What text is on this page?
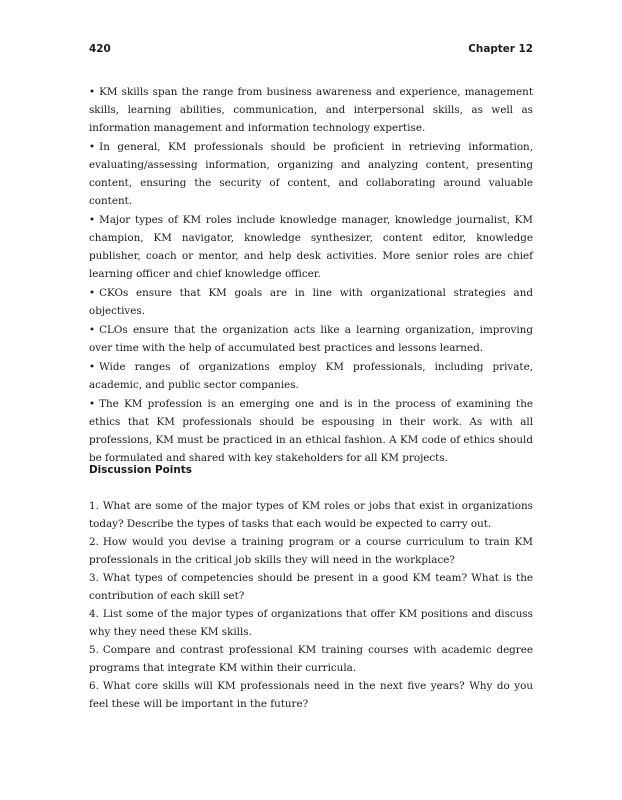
420	Chapter 12
• KM skills span the range from business awareness and experience, management skills, learning abilities, communication, and interpersonal skills, as well as information management and information technology expertise.
• In general, KM professionals should be proficient in retrieving information, evaluating/assessing information, organizing and analyzing content, presenting content, ensuring the security of content, and collaborating around valuable content.
• Major types of KM roles include knowledge manager, knowledge journalist, KM champion, KM navigator, knowledge synthesizer, content editor, knowledge publisher, coach or mentor, and help desk activities. More senior roles are chief learning officer and chief knowledge officer.
• CKOs ensure that KM goals are in line with organizational strategies and objectives.
• CLOs ensure that the organization acts like a learning organization, improving over time with the help of accumulated best practices and lessons learned.
• Wide ranges of organizations employ KM professionals, including private, academic, and public sector companies.
• The KM profession is an emerging one and is in the process of examining the ethics that KM professionals should be espousing in their work. As with all professions, KM must be practiced in an ethical fashion. A KM code of ethics should be formulated and shared with key stakeholders for all KM projects.
Discussion Points
1. What are some of the major types of KM roles or jobs that exist in organizations today? Describe the types of tasks that each would be expected to carry out.
2. How would you devise a training program or a course curriculum to train KM professionals in the critical job skills they will need in the workplace?
3. What types of competencies should be present in a good KM team? What is the contribution of each skill set?
4. List some of the major types of organizations that offer KM positions and discuss why they need these KM skills.
5. Compare and contrast professional KM training courses with academic degree programs that integrate KM within their curricula.
6. What core skills will KM professionals need in the next five years? Why do you feel these will be important in the future?
